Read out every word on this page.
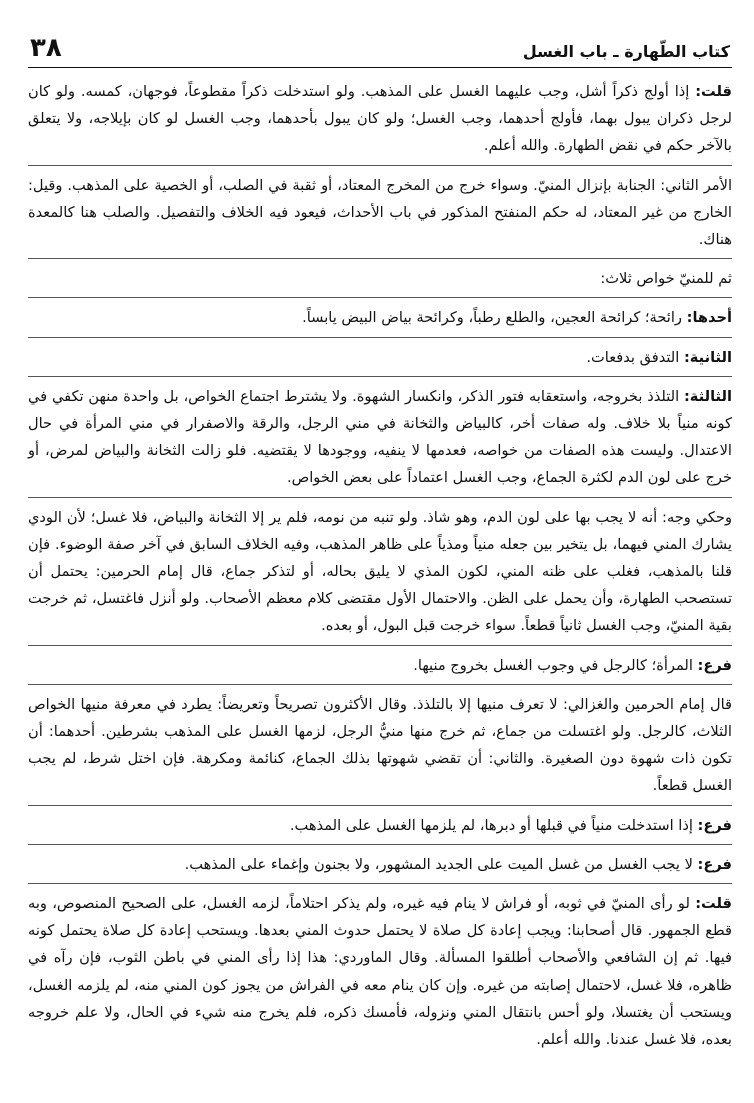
كتاب الطّهارة ـ باب الغسل
٣٨

قلت: إذا أولج ذكراً أشل، وجب عليهما الغسل على المذهب. ولو استدخلت ذكراً مقطوعاً، فوجهان، كمسه. ولو كان لرجل ذكران يبول بهما، فأولج أحدهما، وجب الغسل؛ ولو كان يبول بأحدهما، وجب الغسل لو كان بإيلاجه، ولا يتعلق بالآخر حكم في نقض الطهارة. والله أعلم.

الأمر الثاني: الجنابة بإنزال المنيّ. وسواء خرج من المخرج المعتاد، أو ثقبة في الصلب، أو الخصية على المذهب. وقيل: الخارج من غير المعتاد، له حكم المنفتح المذكور في باب الأحداث، فيعود فيه الخلاف والتفصيل. والصلب هنا كالمعدة هناك.

ثم للمنيّ خواص ثلاث:

أحدها: رائحة؛ كرائحة العجين، والطلع رطباً، وكرائحة بياض البيض يابساً.

الثانية: التدفق بدفعات.

الثالثة: التلذذ بخروجه، واستعقابه فتور الذكر، وانكسار الشهوة. ولا يشترط اجتماع الخواص، بل واحدة منهن تكفي في كونه منياً بلا خلاف. وله صفات أخر، كالبياض والثخانة في مني الرجل، والرقة والاصفرار في مني المرأة في حال الاعتدال. وليست هذه الصفات من خواصه، فعدمها لا ينفيه، ووجودها لا يقتضيه. فلو زالت الثخانة والبياض لمرض، أو خرج على لون الدم لكثرة الجماع، وجب الغسل اعتماداً على بعض الخواص.

وحكي وجه: أنه لا يجب بها على لون الدم، وهو شاذ. ولو تنبه من نومه، فلم ير إلا الثخانة والبياض، فلا غسل؛ لأن الودي يشارك المني فيهما، بل يتخير بين جعله منياً ومذياً على ظاهر المذهب، وفيه الخلاف السابق في آخر صفة الوضوء. فإن قلنا بالمذهب، فغلب على ظنه المني، لكون المذي لا يليق بحاله، أو لتذكر جماع، قال إمام الحرمين: يحتمل أن تستصحب الطهارة، وأن يحمل على الظن. والاحتمال الأول مقتضى كلام معظم الأصحاب. ولو أنزل فاغتسل، ثم خرجت بقية المنيّ، وجب الغسل ثانياً قطعاً. سواء خرجت قبل البول، أو بعده.

فرع: المرأة؛ كالرجل في وجوب الغسل بخروج منيها.

قال إمام الحرمين والغزالي: لا تعرف منيها إلا بالتلذذ. وقال الأكثرون تصريحاً وتعريضاً: يطرد في معرفة منيها الخواص الثلاث، كالرجل. ولو اغتسلت من جماع، ثم خرج منها منيُّ الرجل، لزمها الغسل على المذهب بشرطين. أحدهما: أن تكون ذات شهوة دون الصغيرة. والثاني: أن تقضي شهوتها بذلك الجماع، كنائمة ومكرهة. فإن اختل شرط، لم يجب الغسل قطعاً.

فرع: إذا استدخلت منياً في قبلها أو دبرها، لم يلزمها الغسل على المذهب.

فرع: لا يجب الغسل من غسل الميت على الجديد المشهور، ولا بجنون وإغماء على المذهب.

قلت: لو رأى المنيّ في ثوبه، أو فراش لا ينام فيه غيره، ولم يذكر احتلاماً، لزمه الغسل، على الصحيح المنصوص، وبه قطع الجمهور. قال أصحابنا: ويجب إعادة كل صلاة لا يحتمل حدوث المني بعدها. ويستحب إعادة كل صلاة يحتمل كونه فيها. ثم إن الشافعي والأصحاب أطلقوا المسألة. وقال الماوردي: هذا إذا رأى المني في باطن الثوب، فإن رآه في ظاهره، فلا غسل، لاحتمال إصابته من غيره. وإن كان ينام معه في الفراش من يجوز كون المني منه، لم يلزمه الغسل، ويستحب أن يغتسلا، ولو أحس بانتقال المني ونزوله، فأمسك ذكره، فلم يخرج منه شيء في الحال، ولا علم خروجه بعده، فلا غسل عندنا. والله أعلم.
